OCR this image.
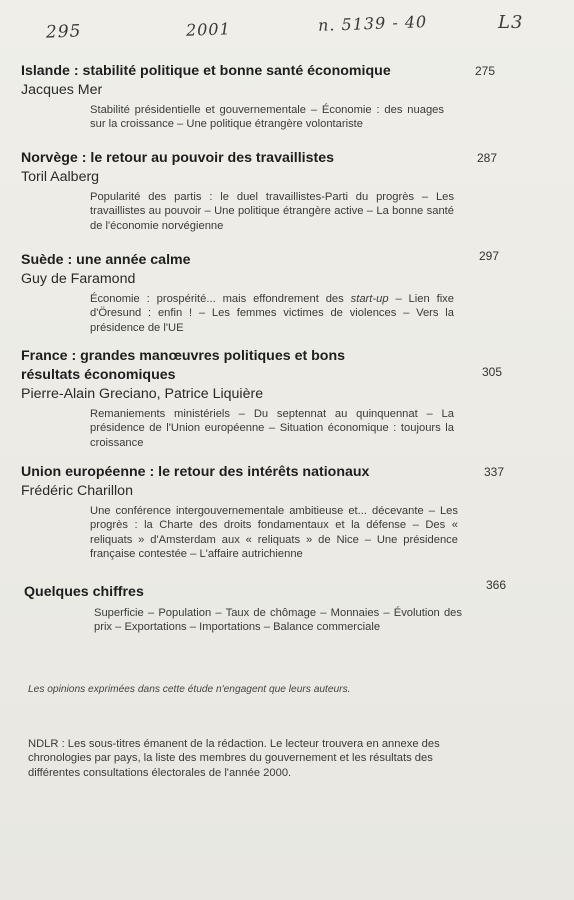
295	2001	n. 5139 - 40	L3

Islande : stabilité politique et bonne santé économique	275

Jacques Mer

Stabilité présidentielle et gouvernementale – Économie : des nuages sur la croissance – Une politique étrangère volontariste

Norvège : le retour au pouvoir des travaillistes	287

Toril Aalberg

Popularité des partis : le duel travaillistes-Parti du progrès – Les travaillistes au pouvoir – Une politique étrangère active – La bonne santé de l'économie norvégienne

Suède : une année calme	297

Guy de Faramond

Économie : prospérité... mais effondrement des start-up – Lien fixe d'Öresund : enfin ! – Les femmes victimes de violences – Vers la présidence de l'UE

France : grandes manœuvres politiques et bons résultats économiques	305

Pierre-Alain Greciano, Patrice Liquière

Remaniements ministériels – Du septennat au quinquennat – La présidence de l'Union européenne – Situation économique : toujours la croissance

Union européenne : le retour des intérêts nationaux	337

Frédéric Charillon

Une conférence intergouvernementale ambitieuse et... décevante – Les progrès : la Charte des droits fondamentaux et la défense – Des « reliquats » d'Amsterdam aux « reliquats » de Nice – Une présidence française contestée – L'affaire autrichienne

Quelques chiffres	366

Superficie – Population – Taux de chômage – Monnaies – Évolution des prix – Exportations – Importations – Balance commerciale

Les opinions exprimées dans cette étude n'engagent que leurs auteurs.

NDLR : Les sous-titres émanent de la rédaction. Le lecteur trouvera en annexe des chronologies par pays, la liste des membres du gouvernement et les résultats des différentes consultations électorales de l'année 2000.
